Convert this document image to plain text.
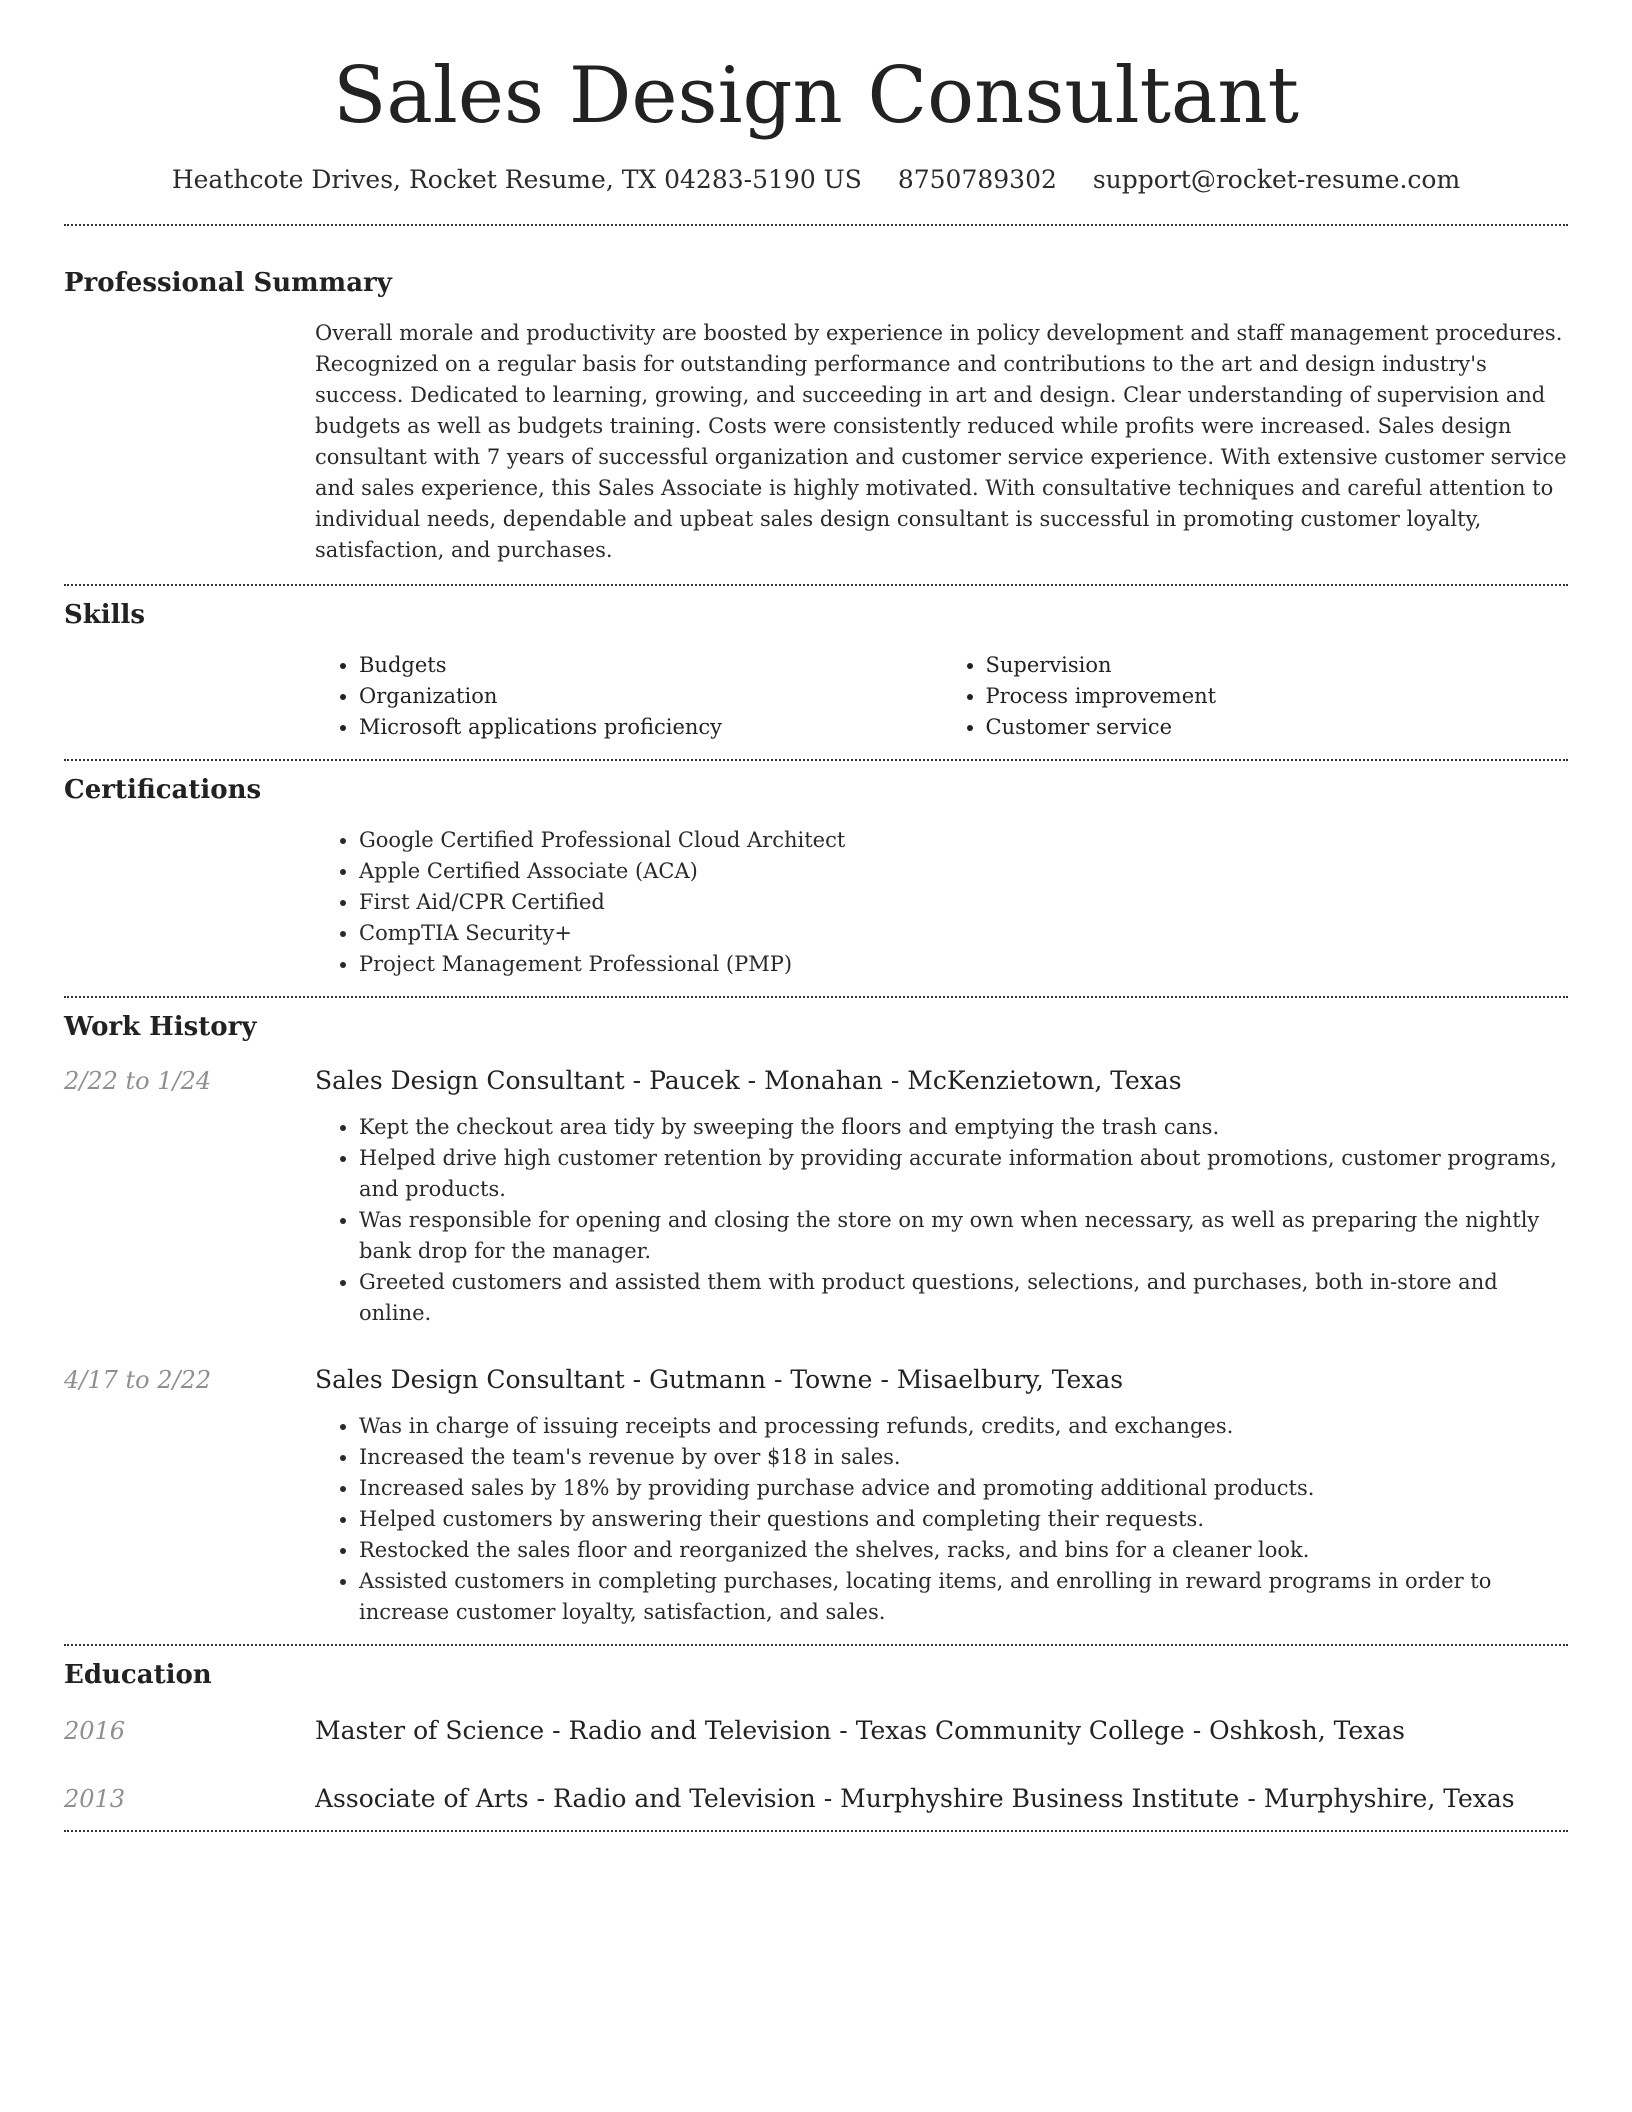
Sales Design Consultant
Heathcote Drives, Rocket Resume, TX 04283-5190 US 8750789302 support@rocket-resume.com
Professional Summary

Overall morale and productivity are boosted by experience in policy development and staff management procedures. Recognized on a regular basis for outstanding performance and contributions to the art and design industry's success. Dedicated to learning, growing, and succeeding in art and design. Clear understanding of supervision and budgets as well as budgets training. Costs were consistently reduced while profits were increased. Sales design consultant with 7 years of successful organization and customer service experience. With extensive customer service and sales experience, this Sales Associate is highly motivated. With consultative techniques and careful attention to individual needs, dependable and upbeat sales design consultant is successful in promoting customer loyalty, satisfaction, and purchases.

Skills
• Budgets
• Organization
• Microsoft applications proficiency
• Supervision
• Process improvement
• Customer service
Certifications
• Google Certified Professional Cloud Architect
• Apple Certified Associate (ACA)
• First Aid/CPR Certified
• CompTIA Security+
• Project Management Professional (PMP)
Work History
2/22 to 1/24	Sales Design Consultant - Paucek - Monahan - McKenzietown, Texas
• Kept the checkout area tidy by sweeping the floors and emptying the trash cans.
• Helped drive high customer retention by providing accurate information about promotions, customer programs, and products.
• Was responsible for opening and closing the store on my own when necessary, as well as preparing the nightly bank drop for the manager.
• Greeted customers and assisted them with product questions, selections, and purchases, both in-store and online.
4/17 to 2/22	Sales Design Consultant - Gutmann - Towne - Misaelbury, Texas
• Was in charge of issuing receipts and processing refunds, credits, and exchanges.
• Increased the team's revenue by over $18 in sales.
• Increased sales by 18% by providing purchase advice and promoting additional products.
• Helped customers by answering their questions and completing their requests.
• Restocked the sales floor and reorganized the shelves, racks, and bins for a cleaner look.
• Assisted customers in completing purchases, locating items, and enrolling in reward programs in order to increase customer loyalty, satisfaction, and sales.
Education
2016	Master of Science - Radio and Television - Texas Community College - Oshkosh, Texas
2013	Associate of Arts - Radio and Television - Murphyshire Business Institute - Murphyshire, Texas
